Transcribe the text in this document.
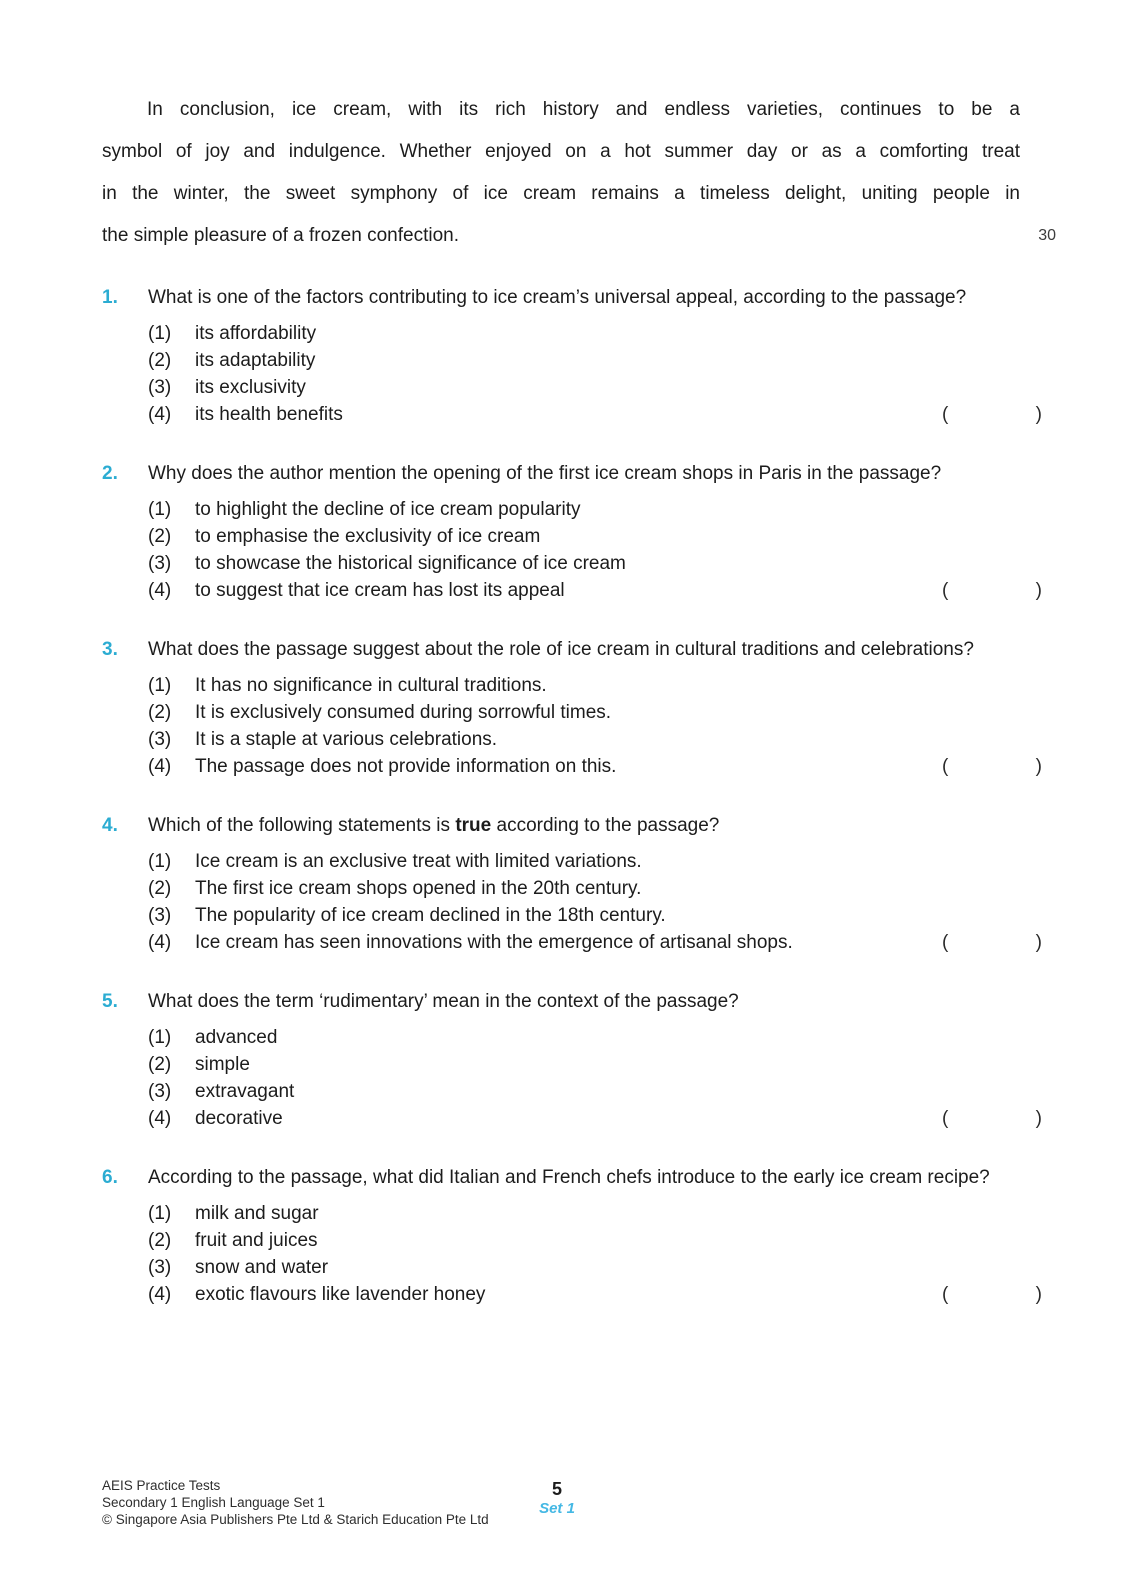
In conclusion, ice cream, with its rich history and endless varieties, continues to be a
symbol of joy and indulgence. Whether enjoyed on a hot summer day or as a comforting treat
in the winter, the sweet symphony of ice cream remains a timeless delight, uniting people in
the simple pleasure of a frozen confection.	30
1.	What is one of the factors contributing to ice cream’s universal appeal, according to the passage?
(1)	its affordability
(2)	its adaptability
(3)	its exclusivity
(4)	its health benefits	(	)
2.	Why does the author mention the opening of the first ice cream shops in Paris in the passage?
(1)	to highlight the decline of ice cream popularity
(2)	to emphasise the exclusivity of ice cream
(3)	to showcase the historical significance of ice cream
(4)	to suggest that ice cream has lost its appeal	(	)
3.	What does the passage suggest about the role of ice cream in cultural traditions and celebrations?
(1)	It has no significance in cultural traditions.
(2)	It is exclusively consumed during sorrowful times.
(3)	It is a staple at various celebrations.
(4)	The passage does not provide information on this.	(	)
4.	Which of the following statements is true according to the passage?
(1)	Ice cream is an exclusive treat with limited variations.
(2)	The first ice cream shops opened in the 20th century.
(3)	The popularity of ice cream declined in the 18th century.
(4)	Ice cream has seen innovations with the emergence of artisanal shops.	(	)
5.	What does the term ‘rudimentary’ mean in the context of the passage?
(1)	advanced
(2)	simple
(3)	extravagant
(4)	decorative	(	)
6.	According to the passage, what did Italian and French chefs introduce to the early ice cream recipe?
(1)	milk and sugar
(2)	fruit and juices
(3)	snow and water
(4)	exotic flavours like lavender honey	(	)
AEIS Practice Tests
Secondary 1 English Language Set 1
© Singapore Asia Publishers Pte Ltd & Starich Education Pte Ltd
5
Set 1
